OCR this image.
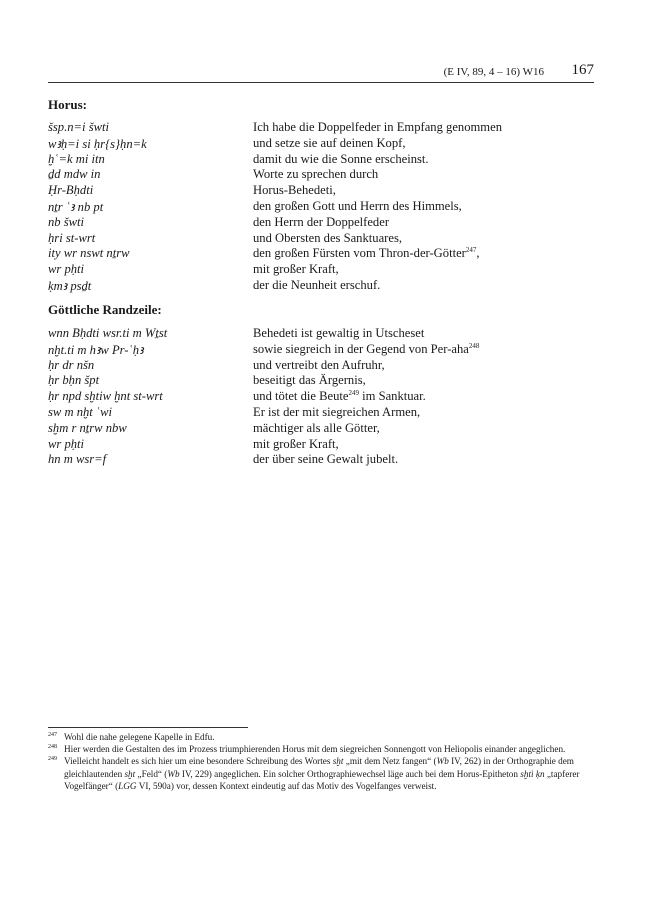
(E IV, 89, 4 – 16) W16 167
Horus:
šsp.n=i šwti	Ich habe die Doppelfeder in Empfang genommen
wꜣḥ=i si ḥr{s}ḥn=k	und setze sie auf deinen Kopf,
ḫʿ=k mi itn	damit du wie die Sonne erscheinst.
ḏd mdw in	Worte zu sprechen durch
Ḥr-Bḥdti	Horus-Behedeti,
nṯr ʿꜣ nb pt	den großen Gott und Herrn des Himmels,
nb šwti	den Herrn der Doppelfeder
ḥri st-wrt	und Obersten des Sanktuares,
ity wr nswt nṯrw	den großen Fürsten vom Thron-der-Götter$^{247}$,
wr pḥti	mit großer Kraft,
ḳmꜣ psḏt	der die Neunheit erschuf.
Göttliche Randzeile:
wnn Bḥdti wsr.ti m Wṯst	Behedeti ist gewaltig in Utscheset
nḫt.ti m hꜣw Pr-ʿḥꜣ	sowie siegreich in der Gegend von Per-aha$^{248}$
ḥr dr nšn	und vertreibt den Aufruhr,
ḥr bḥn špt	beseitigt das Ärgernis,
ḥr npd sḫtiw ḫnt st-wrt	und tötet die Beute$^{249}$ im Sanktuar.
sw m nḫt ʿwi	Er ist der mit siegreichen Armen,
sḫm r nṯrw nbw	mächtiger als alle Götter,
wr pḥti	mit großer Kraft,
hn m wsr=f	der über seine Gewalt jubelt.
247 Wohl die nahe gelegene Kapelle in Edfu.
248 Hier werden die Gestalten des im Prozess triumphierenden Horus mit dem siegreichen Sonnengott von Heliopolis einander angeglichen.
249 Vielleicht handelt es sich hier um eine besondere Schreibung des Wortes sḫt „mit dem Netz fangen“ (Wb IV, 262) in der Orthographie dem gleichlautenden sḫt „Feld“ (Wb IV, 229) angeglichen. Ein solcher Orthographiewechsel läge auch bei dem Horus-Epitheton sḫtì ḳn „tapferer Vogelfänger“ (LGG VI, 590a) vor, dessen Kontext eindeutig auf das Motiv des Vogelfanges verweist.
